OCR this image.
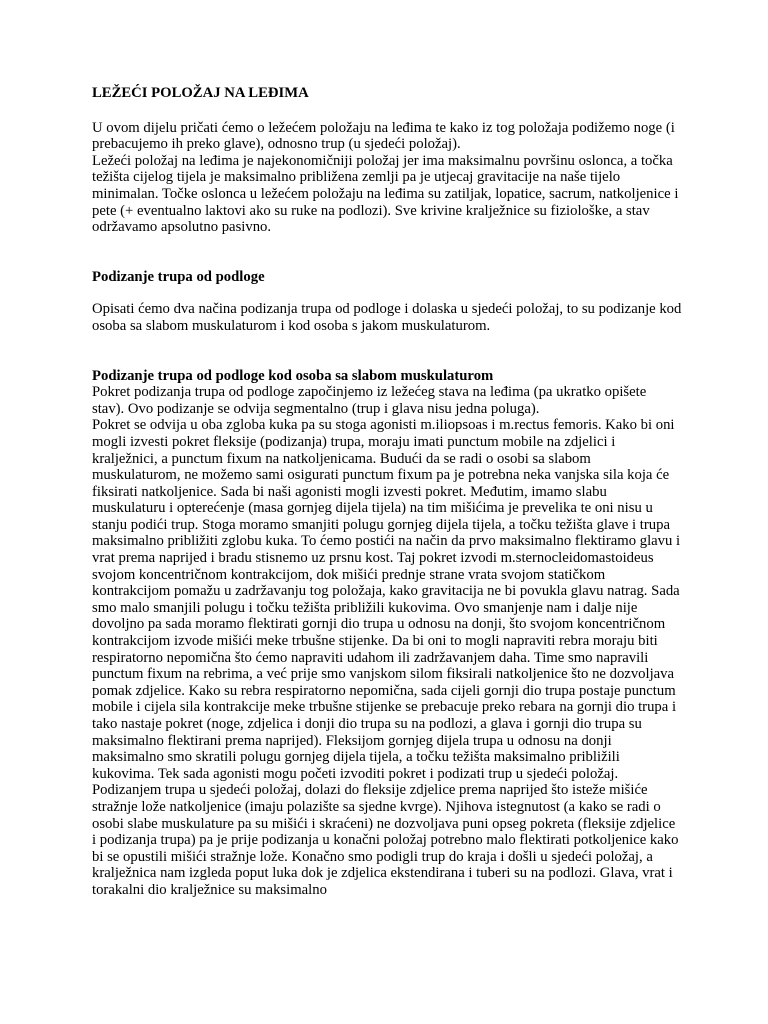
LEŽEĆI POLOŽAJ NA LEĐIMA

U ovom dijelu pričati ćemo o ležećem položaju na leđima te kako iz tog položaja podižemo noge (i prebacujemo ih preko glave), odnosno trup (u sjedeći položaj).

Ležeći položaj na leđima je najekonomičniji položaj jer ima maksimalnu površinu oslonca, a točka težišta cijelog tijela je maksimalno približena zemlji pa je utjecaj gravitacije na naše tijelo minimalan. Točke oslonca u ležećem položaju na leđima su zatiljak, lopatice, sacrum, natkoljenice i pete (+ eventualno laktovi ako su ruke na podlozi). Sve krivine kralježnice su fiziološke, a stav održavamo apsolutno pasivno.

Podizanje trupa od podloge

Opisati ćemo dva načina podizanja trupa od podloge i dolaska u sjedeći položaj, to su podizanje kod osoba sa slabom muskulaturom i kod osoba s jakom muskulaturom.

Podizanje trupa od podloge kod osoba sa slabom muskulaturom

Pokret podizanja trupa od podloge započinjemo iz ležećeg stava na leđima (pa ukratko opišete stav). Ovo podizanje se odvija segmentalno (trup i glava nisu jedna poluga).

Pokret se odvija u oba zgloba kuka pa su stoga agonisti m.iliopsoas i m.rectus femoris. Kako bi oni mogli izvesti pokret fleksije (podizanja) trupa, moraju imati punctum mobile na zdjelici i kralježnici, a punctum fixum na natkoljenicama. Budući da se radi o osobi sa slabom muskulaturom, ne možemo sami osigurati punctum fixum pa je potrebna neka vanjska sila koja će fiksirati natkoljenice. Sada bi naši agonisti mogli izvesti pokret. Međutim, imamo slabu muskulaturu i opterećenje (masa gornjeg dijela tijela) na tim mišićima je prevelika te oni nisu u stanju podići trup. Stoga moramo smanjiti polugu gornjeg dijela tijela, a točku težišta glave i trupa maksimalno približiti zglobu kuka. To ćemo postići na način da prvo maksimalno flektiramo glavu i vrat prema naprijed i bradu stisnemo uz prsnu kost. Taj pokret izvodi m.sternocleidomastoideus svojom koncentričnom kontrakcijom, dok mišići prednje strane vrata svojom statičkom kontrakcijom pomažu u zadržavanju tog položaja, kako gravitacija ne bi povukla glavu natrag. Sada smo malo smanjili polugu i točku težišta približili kukovima. Ovo smanjenje nam i dalje nije dovoljno pa sada moramo flektirati gornji dio trupa u odnosu na donji, što svojom koncentričnom kontrakcijom izvode mišići meke trbušne stijenke. Da bi oni to mogli napraviti rebra moraju biti respiratorno nepomična što ćemo napraviti udahom ili zadržavanjem daha. Time smo napravili punctum fixum na rebrima, a već prije smo vanjskom silom fiksirali natkoljenice što ne dozvoljava pomak zdjelice. Kako su rebra respiratorno nepomična, sada cijeli gornji dio trupa postaje punctum mobile i cijela sila kontrakcije meke trbušne stijenke se prebacuje preko rebara na gornji dio trupa i tako nastaje pokret (noge, zdjelica i donji dio trupa su na podlozi, a glava i gornji dio trupa su maksimalno flektirani prema naprijed). Fleksijom gornjeg dijela trupa u odnosu na donji maksimalno smo skratili polugu gornjeg dijela tijela, a točku težišta maksimalno približili kukovima. Tek sada agonisti mogu početi izvoditi pokret i podizati trup u sjedeći položaj. Podizanjem trupa u sjedeći položaj, dolazi do fleksije zdjelice prema naprijed što isteže mišiće stražnje lože natkoljenice (imaju polazište sa sjedne kvrge). Njihova istegnutost (a kako se radi o osobi slabe muskulature pa su mišići i skraćeni) ne dozvoljava puni opseg pokreta (fleksije zdjelice i podizanja trupa) pa je prije podizanja u konačni položaj potrebno malo flektirati potkoljenice kako bi se opustili mišići stražnje lože. Konačno smo podigli trup do kraja i došli u sjedeći položaj, a kralježnica nam izgleda poput luka dok je zdjelica ekstendirana i tuberi su na podlozi. Glava, vrat i torakalni dio kralježnice su maksimalno
